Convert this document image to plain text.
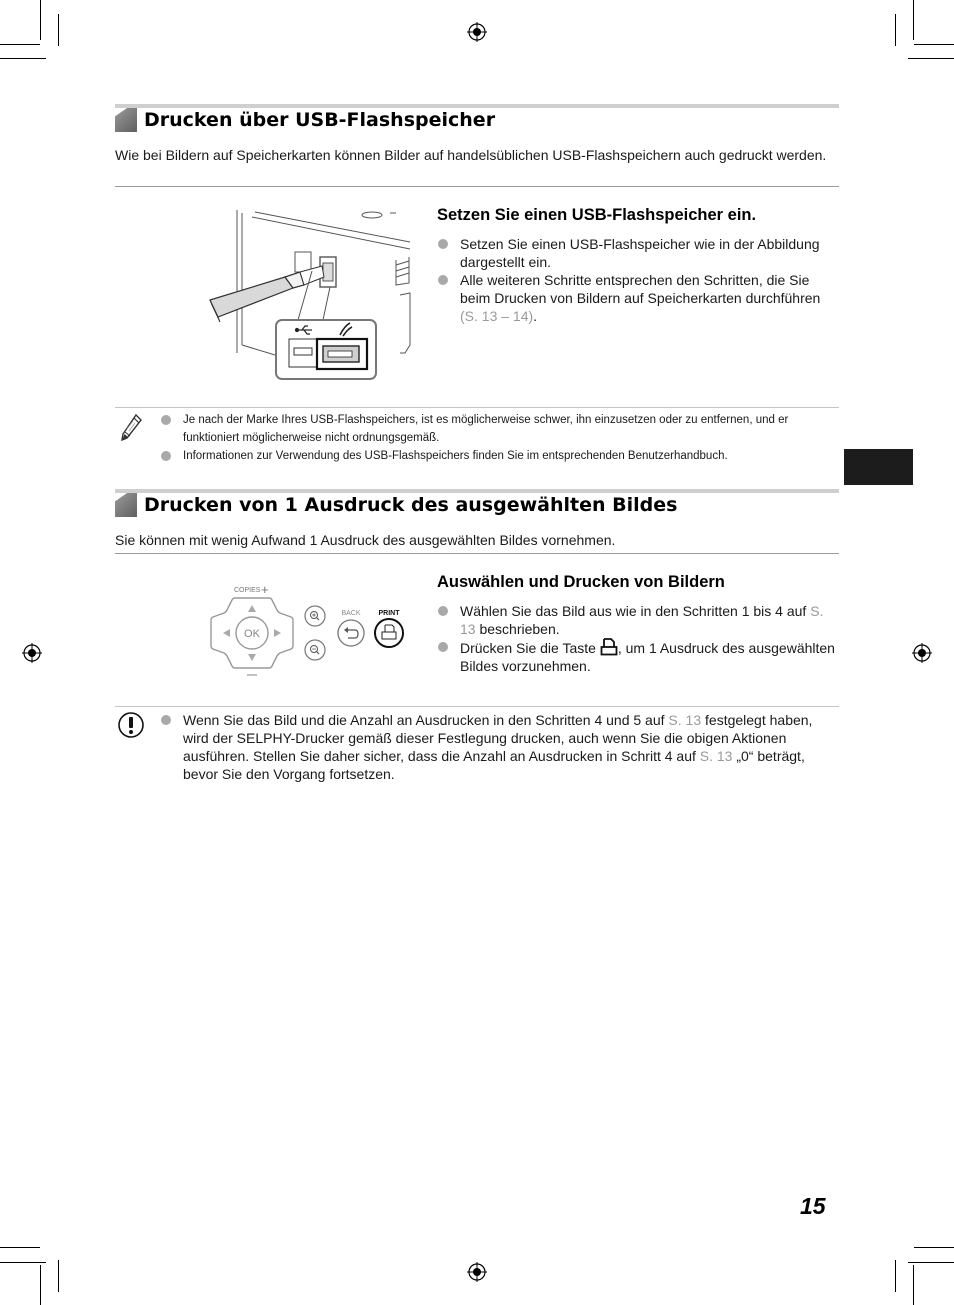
Drucken über USB-Flashspeicher
Wie bei Bildern auf Speicherkarten können Bilder auf handelsüblichen USB-Flashspeichern auch gedruckt werden.
Setzen Sie einen USB-Flashspeicher ein.
Setzen Sie einen USB-Flashspeicher wie in der Abbildung dargestellt ein.
Alle weiteren Schritte entsprechen den Schritten, die Sie beim Drucken von Bildern auf Speicherkarten durchführen (S. 13 – 14).
Je nach der Marke Ihres USB-Flashspeichers, ist es möglicherweise schwer, ihn einzusetzen oder zu entfernen, und er funktioniert möglicherweise nicht ordnungsgemäß.
Informationen zur Verwendung des USB-Flashspeichers finden Sie im entsprechenden Benutzerhandbuch.
Drucken von 1 Ausdruck des ausgewählten Bildes
Sie können mit wenig Aufwand 1 Ausdruck des ausgewählten Bildes vornehmen.
COPIES +
OK
BACK	PRINT
Auswählen und Drucken von Bildern
Wählen Sie das Bild aus wie in den Schritten 1 bis 4 auf S. 13 beschrieben.
Drücken Sie die Taste , um 1 Ausdruck des ausgewählten Bildes vorzunehmen.
Wenn Sie das Bild und die Anzahl an Ausdrucken in den Schritten 4 und 5 auf S. 13 festgelegt haben, wird der SELPHY-Drucker gemäß dieser Festlegung drucken, auch wenn Sie die obigen Aktionen ausführen. Stellen Sie daher sicher, dass die Anzahl an Ausdrucken in Schritt 4 auf S. 13 „0“ beträgt, bevor Sie den Vorgang fortsetzen.
15
